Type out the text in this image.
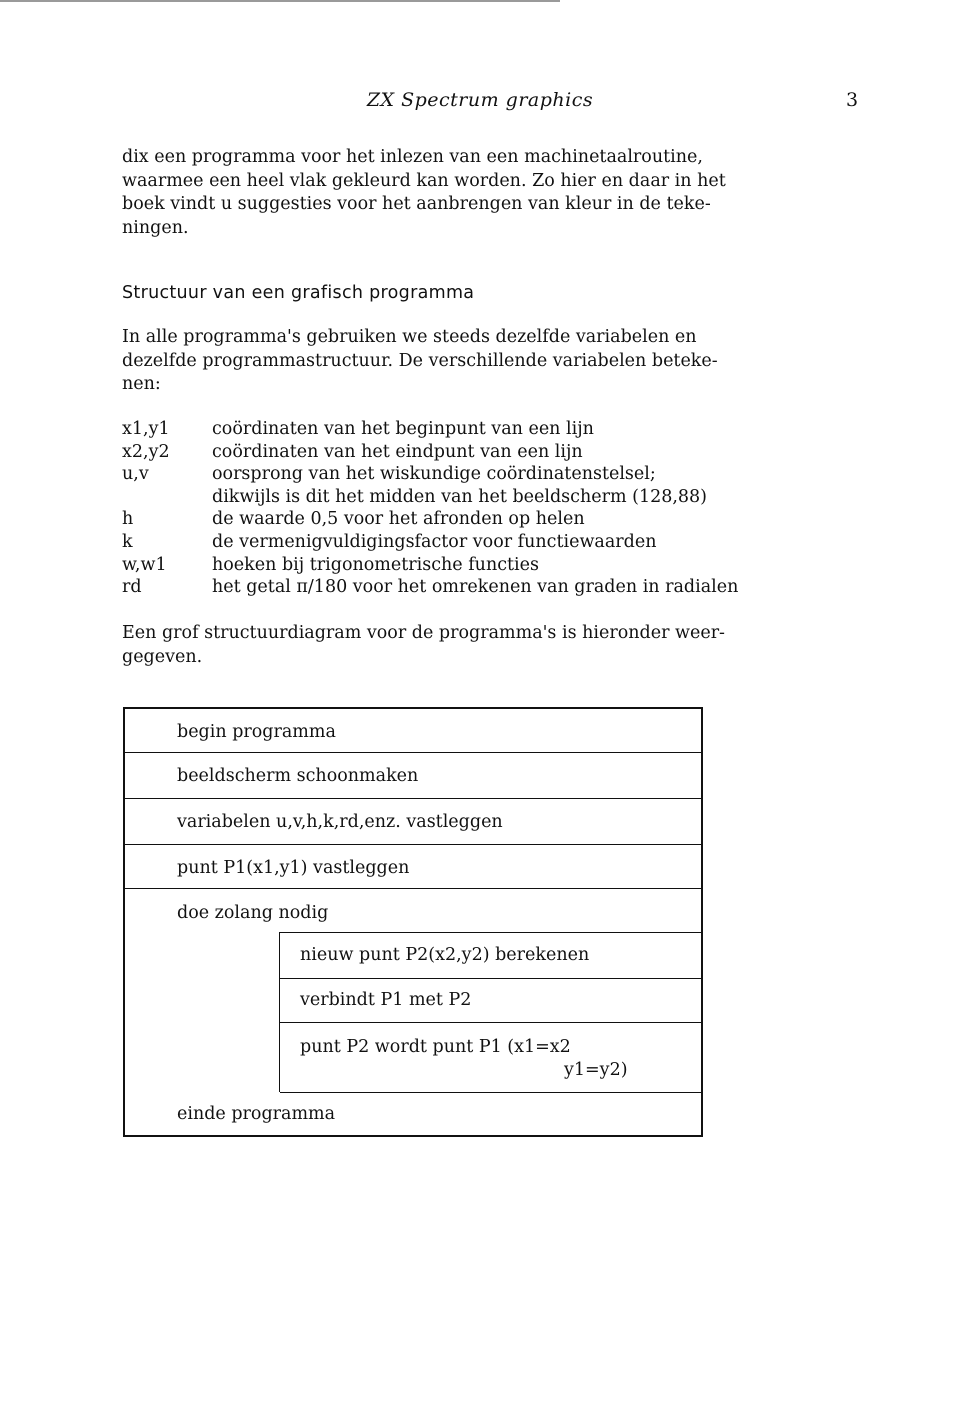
ZX Spectrum graphics	3

dix een programma voor het inlezen van een machinetaalroutine,
waarmee een heel vlak gekleurd kan worden. Zo hier en daar in het
boek vindt u suggesties voor het aanbrengen van kleur in de teke-
ningen.

Structuur van een grafisch programma

In alle programma's gebruiken we steeds dezelfde variabelen en
dezelfde programmastructuur. De verschillende variabelen beteke-
nen:

x1,y1	coördinaten van het beginpunt van een lijn
x2,y2	coördinaten van het eindpunt van een lijn
u,v	oorsprong van het wiskundige coördinatenstelsel;
dikwijls is dit het midden van het beeldscherm (128,88)
h	de waarde 0,5 voor het afronden op helen
k	de vermenigvuldigingsfactor voor functiewaarden
w,w1	hoeken bij trigonometrische functies
rd	het getal π/180 voor het omrekenen van graden in radialen

Een grof structuurdiagram voor de programma's is hieronder weer-
gegeven.

begin programma
beeldscherm schoonmaken
variabelen u,v,h,k,rd,enz. vastleggen
punt P1(x1,y1) vastleggen
doe zolang nodig
nieuw punt P2(x2,y2) berekenen
verbindt P1 met P2
punt P2 wordt punt P1 (x1=x2
y1=y2)
einde programma
